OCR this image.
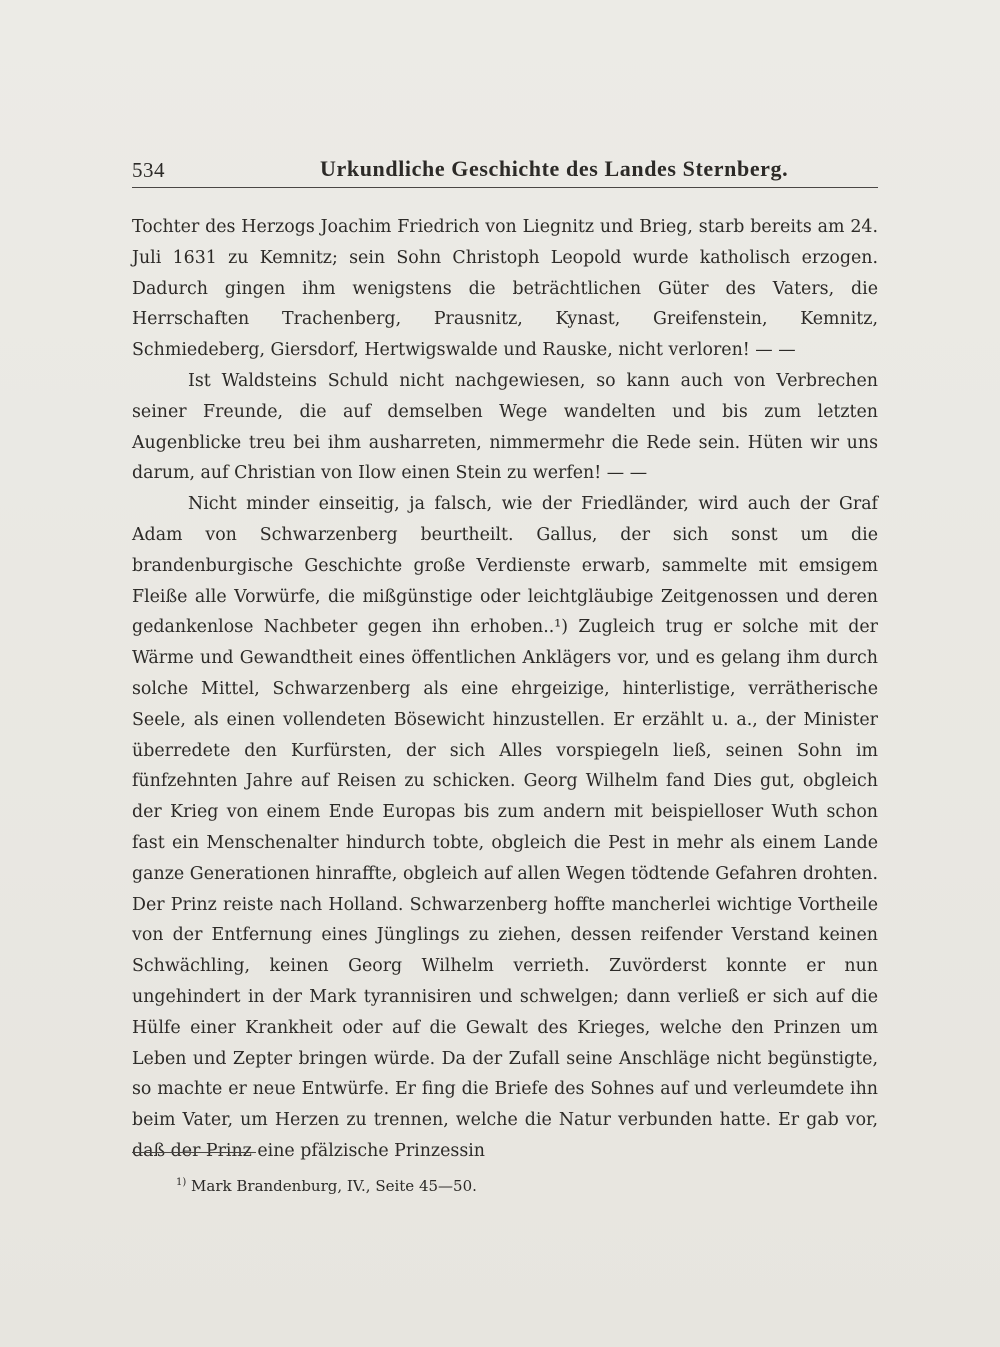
534	Urkundliche Geschichte des Landes Sternberg.

Tochter des Herzogs Joachim Friedrich von Liegnitz und Brieg, starb bereits am 24. Juli 1631 zu Kemnitz; sein Sohn Christoph Leopold wurde katholisch erzogen. Dadurch gingen ihm wenigstens die beträchtlichen Güter des Vaters, die Herrschaften Trachenberg, Prausnitz, Kynast, Greifenstein, Kemnitz, Schmiedeberg, Giersdorf, Hertwigswalde und Rauske, nicht verloren! — —

Ist Waldsteins Schuld nicht nachgewiesen, so kann auch von Verbrechen seiner Freunde, die auf demselben Wege wandelten und bis zum letzten Augenblicke treu bei ihm ausharreten, nimmermehr die Rede sein. Hüten wir uns darum, auf Christian von Ilow einen Stein zu werfen! — —

Nicht minder einseitig, ja falsch, wie der Friedländer, wird auch der Graf Adam von Schwarzenberg beurtheilt. Gallus, der sich sonst um die brandenburgische Geschichte große Verdienste erwarb, sammelte mit emsigem Fleiße alle Vorwürfe, die mißgünstige oder leichtgläubige Zeitgenossen und deren gedankenlose Nachbeter gegen ihn erhoben..¹) Zugleich trug er solche mit der Wärme und Gewandtheit eines öffentlichen Anklägers vor, und es gelang ihm durch solche Mittel, Schwarzenberg als eine ehrgeizige, hinterlistige, verrätherische Seele, als einen vollendeten Bösewicht hinzustellen. Er erzählt u. a., der Minister überredete den Kurfürsten, der sich Alles vorspiegeln ließ, seinen Sohn im fünfzehnten Jahre auf Reisen zu schicken. Georg Wilhelm fand Dies gut, obgleich der Krieg von einem Ende Europas bis zum andern mit beispielloser Wuth schon fast ein Menschenalter hindurch tobte, obgleich die Pest in mehr als einem Lande ganze Generationen hinraffte, obgleich auf allen Wegen tödtende Gefahren drohten. Der Prinz reiste nach Holland. Schwarzenberg hoffte mancherlei wichtige Vortheile von der Entfernung eines Jünglings zu ziehen, dessen reifender Verstand keinen Schwächling, keinen Georg Wilhelm verrieth. Zuvörderst konnte er nun ungehindert in der Mark tyrannisiren und schwelgen; dann verließ er sich auf die Hülfe einer Krankheit oder auf die Gewalt des Krieges, welche den Prinzen um Leben und Zepter bringen würde. Da der Zufall seine Anschläge nicht begünstigte, so machte er neue Entwürfe. Er fing die Briefe des Sohnes auf und verleumdete ihn beim Vater, um Herzen zu trennen, welche die Natur verbunden hatte. Er gab vor, daß der Prinz eine pfälzische Prinzessin

$^{1)}$ Mark Brandenburg, IV., Seite 45—50.
